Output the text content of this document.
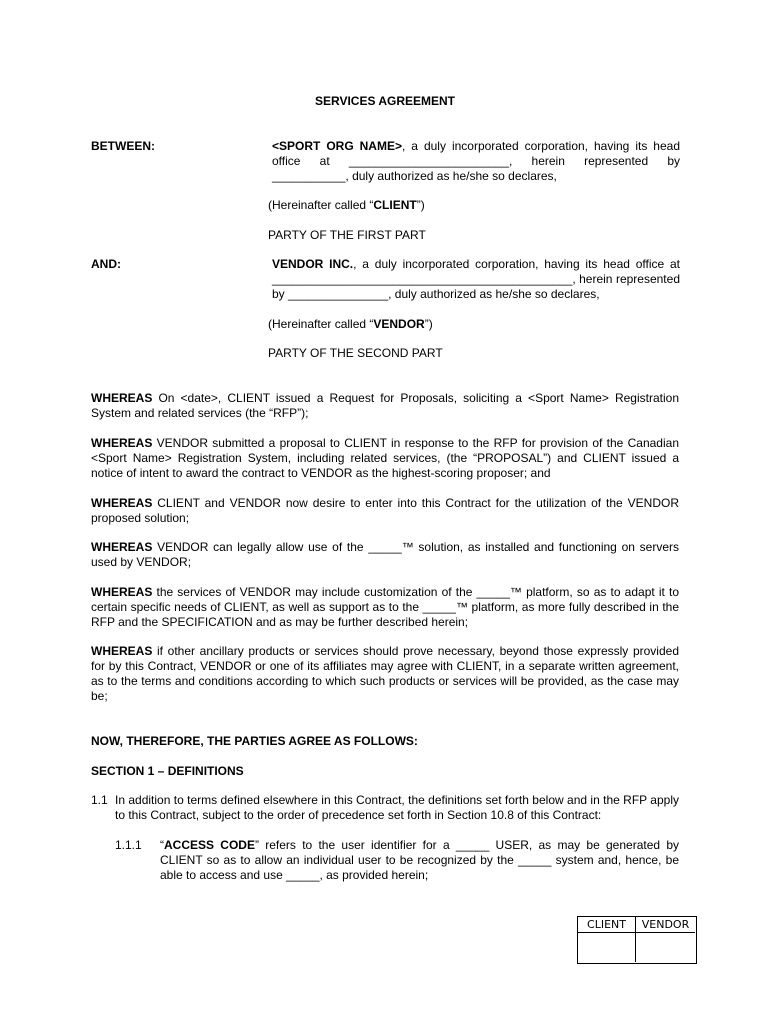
SERVICES AGREEMENT
BETWEEN:	<SPORT ORG NAME>, a duly incorporated corporation, having its head
office at ________________________, herein represented by
___________, duly authorized as he/she so declares,
(Hereinafter called “CLIENT”)
PARTY OF THE FIRST PART
AND:	VENDOR INC., a duly incorporated corporation, having its head office at
_____________________________________________, herein represented
by _______________, duly authorized as he/she so declares,
(Hereinafter called “VENDOR”)
PARTY OF THE SECOND PART
WHEREAS On <date>, CLIENT issued a Request for Proposals, soliciting a <Sport Name> Registration System and related services (the “RFP”);
WHEREAS VENDOR submitted a proposal to CLIENT in response to the RFP for provision of the Canadian <Sport Name> Registration System, including related services, (the “PROPOSAL”) and CLIENT issued a notice of intent to award the contract to VENDOR as the highest-scoring proposer; and
WHEREAS CLIENT and VENDOR now desire to enter into this Contract for the utilization of the VENDOR proposed solution;
WHEREAS VENDOR can legally allow use of the _____™ solution, as installed and functioning on servers used by VENDOR;
WHEREAS the services of VENDOR may include customization of the _____™ platform, so as to adapt it to certain specific needs of CLIENT, as well as support as to the _____™ platform, as more fully described in the RFP and the SPECIFICATION and as may be further described herein;
WHEREAS if other ancillary products or services should prove necessary, beyond those expressly provided for by this Contract, VENDOR or one of its affiliates may agree with CLIENT, in a separate written agreement, as to the terms and conditions according to which such products or services will be provided, as the case may be;
NOW, THEREFORE, THE PARTIES AGREE AS FOLLOWS:
SECTION 1 – DEFINITIONS
1.1 In addition to terms defined elsewhere in this Contract, the definitions set forth below and in the RFP apply to this Contract, subject to the order of precedence set forth in Section 10.8 of this Contract:
1.1.1 “ACCESS CODE” refers to the user identifier for a _____ USER, as may be generated by CLIENT so as to allow an individual user to be recognized by the _____ system and, hence, be able to access and use _____, as provided herein;
CLIENT	VENDOR
